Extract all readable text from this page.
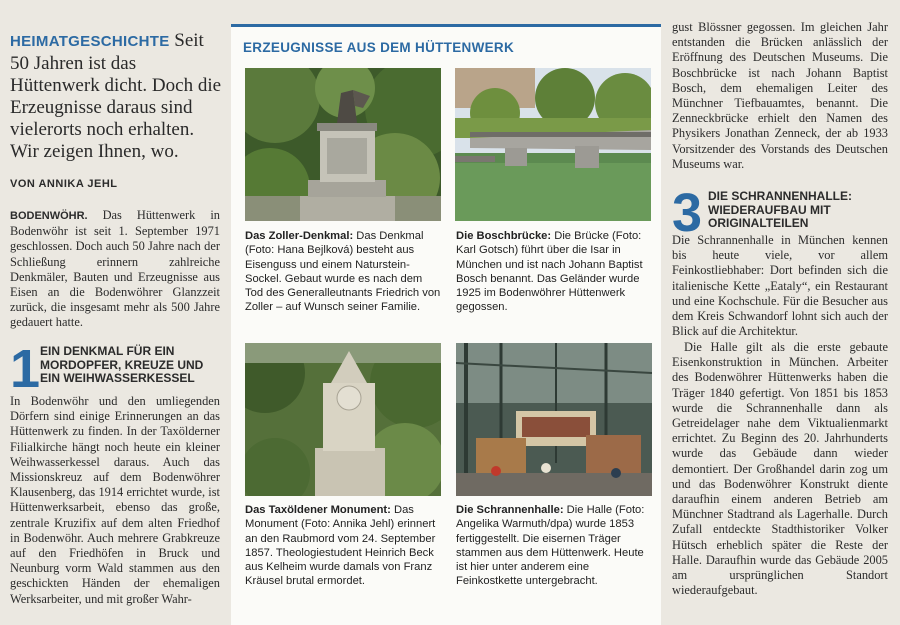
HEIMATGESCHICHTE Seit 50 Jahren ist das Hüttenwerk dicht. Doch die Erzeugnisse daraus sind vielerorts noch erhalten. Wir zeigen Ihnen, wo.
VON ANNIKA JEHL
BODENWÖHR. Das Hüttenwerk in Bodenwöhr ist seit 1. September 1971 geschlossen. Doch auch 50 Jahre nach der Schließung erinnern zahlreiche Denkmäler, Bauten und Erzeugnisse aus Eisen an die Bodenwöhrer Glanzzeit zurück, die insgesamt mehr als 500 Jahre gedauert hatte.
1 EIN DENKMAL FÜR EIN MORDOPFER, KREUZE UND EIN WEIHWASSERKESSEL
In Bodenwöhr und den umliegenden Dörfern sind einige Erinnerungen an das Hüttenwerk zu finden. In der Taxölderner Filialkirche hängt noch heute ein kleiner Weihwasserkessel daraus. Auch das Missionskreuz auf dem Bodenwöhrer Klausenberg, das 1914 errichtet wurde, ist Hüttenwerksarbeit, ebenso das große, zentrale Kruzifix auf dem alten Friedhof in Bodenwöhr. Auch mehrere Grabkreuze auf den Friedhöfen in Bruck und Neunburg vorm Wald stammen aus den geschickten Händen der ehemaligen Werksarbeiter, und mit großer Wahr-
ERZEUGNISSE AUS DEM HÜTTENWERK
Das Zoller-Denkmal: Das Denkmal (Foto: Hana Bejlková) besteht aus Eisenguss und einem Naturstein-Sockel. Gebaut wurde es nach dem Tod des Generalleutnants Friedrich von Zoller – auf Wunsch seiner Familie.
Die Boschbrücke: Die Brücke (Foto: Karl Gotsch) führt über die Isar in München und ist nach Johann Baptist Bosch benannt. Das Geländer wurde 1925 im Bodenwöhrer Hüttenwerk gegossen.
Das Taxöldener Monument: Das Monument (Foto: Annika Jehl) erinnert an den Raubmord vom 24. September 1857. Theologiestudent Heinrich Beck aus Kelheim wurde damals von Franz Kräusel brutal ermordet.
Die Schrannenhalle: Die Halle (Foto: Angelika Warmuth/dpa) wurde 1853 fertiggestellt. Die eisernen Träger stammen aus dem Hüttenwerk. Heute ist hier unter anderem eine Feinkostkette untergebracht.
gust Blössner gegossen. Im gleichen Jahr entstanden die Brücken anlässlich der Eröffnung des Deutschen Museums. Die Boschbrücke ist nach Johann Baptist Bosch, dem ehemaligen Leiter des Münchner Tiefbauamtes, benannt. Die Zenneckbrücke erhielt den Namen des Physikers Jonathan Zenneck, der ab 1933 Vorsitzender des Vorstands des Deutschen Museums war.
3 DIE SCHRANNENHALLE: WIEDERAUFBAU MIT ORIGINALTEILEN
Die Schrannenhalle in München kennen bis heute viele, vor allem Feinkostliebhaber: Dort befinden sich die italienische Kette „Eataly“, ein Restaurant und eine Kochschule. Für die Besucher aus dem Kreis Schwandorf lohnt sich auch der Blick auf die Architektur.
Die Halle gilt als die erste gebaute Eisenkonstruktion in München. Arbeiter des Bodenwöhrer Hüttenwerks haben die Träger 1840 gefertigt. Von 1851 bis 1853 wurde die Schrannenhalle dann als Getreidelager nahe dem Viktualienmarkt errichtet. Zu Beginn des 20. Jahrhunderts wurde das Gebäude dann wieder demontiert. Der Großhandel darin zog um und das Bodenwöhrer Konstrukt diente daraufhin einem anderen Betrieb am Münchner Stadtrand als Lagerhalle. Durch Zufall entdeckte Stadthistoriker Volker Hütsch erheblich später die Reste der Halle. Daraufhin wurde das Gebäude 2005 am ursprünglichen Standort wiederaufgebaut.
